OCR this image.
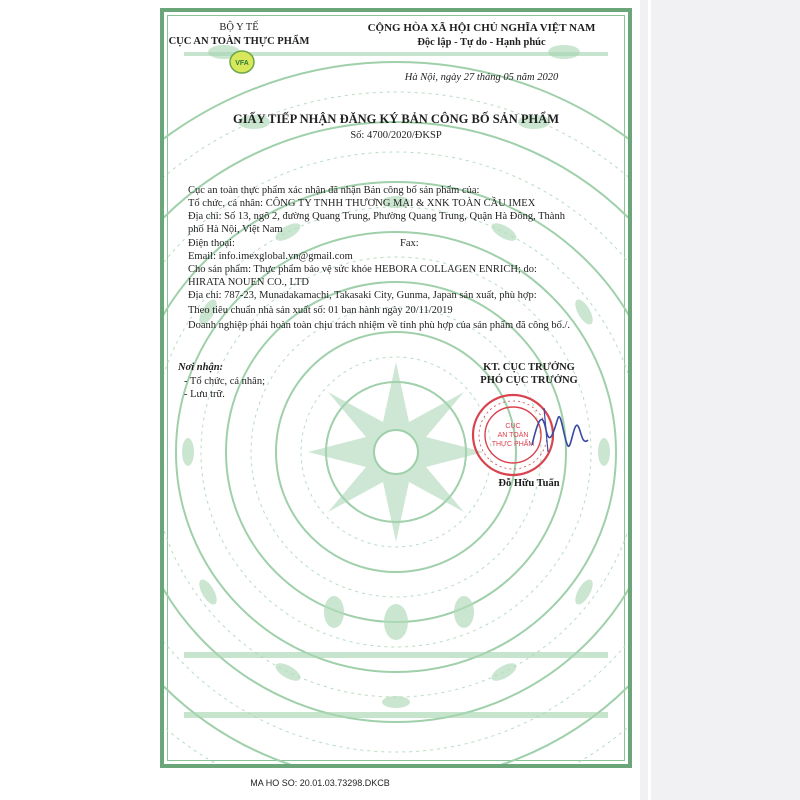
BỘ Y TẾ
CỤC AN TOÀN THỰC PHẨM
VFA
CỘNG HÒA XÃ HỘI CHỦ NGHĨA VIỆT NAM
Độc lập - Tự do - Hạnh phúc
Hà Nội, ngày 27 tháng 05 năm 2020
GIẤY TIẾP NHẬN ĐĂNG KÝ BẢN CÔNG BỐ SẢN PHẨM
Số: 4700/2020/ĐKSP
Cục an toàn thực phẩm xác nhận đã nhận Bản công bố sản phẩm của:
Tổ chức, cá nhân: CÔNG TY TNHH THƯƠNG MẠI & XNK TOÀN CẦU IMEX
Địa chỉ: Số 13, ngõ 2, đường Quang Trung, Phường Quang Trung, Quận Hà Đông, Thành
phố Hà Nội, Việt Nam
Điện thoại:	Fax:
Email: info.imexglobal.vn@gmail.com
Cho sản phẩm: Thực phẩm bảo vệ sức khỏe HEBORA COLLAGEN ENRICH; do:
HIRATA NOUEN CO., LTD
Địa chỉ: 787-23, Munadakamachi, Takasaki City, Gunma, Japan sản xuất, phù hợp:
Theo tiêu chuẩn nhà sản xuất số: 01 ban hành ngày 20/11/2019
Doanh nghiệp phải hoàn toàn chịu trách nhiệm về tính phù hợp của sản phẩm đã công bố./.
Nơi nhận:
- Tổ chức, cá nhân;
- Lưu trữ.
KT. CỤC TRƯỞNG
PHÓ CỤC TRƯỞNG
CỤC
AN TOÀN
THỰC PHẨM
Đỗ Hữu Tuấn
MA HO SO: 20.01.03.73298.DKCB
